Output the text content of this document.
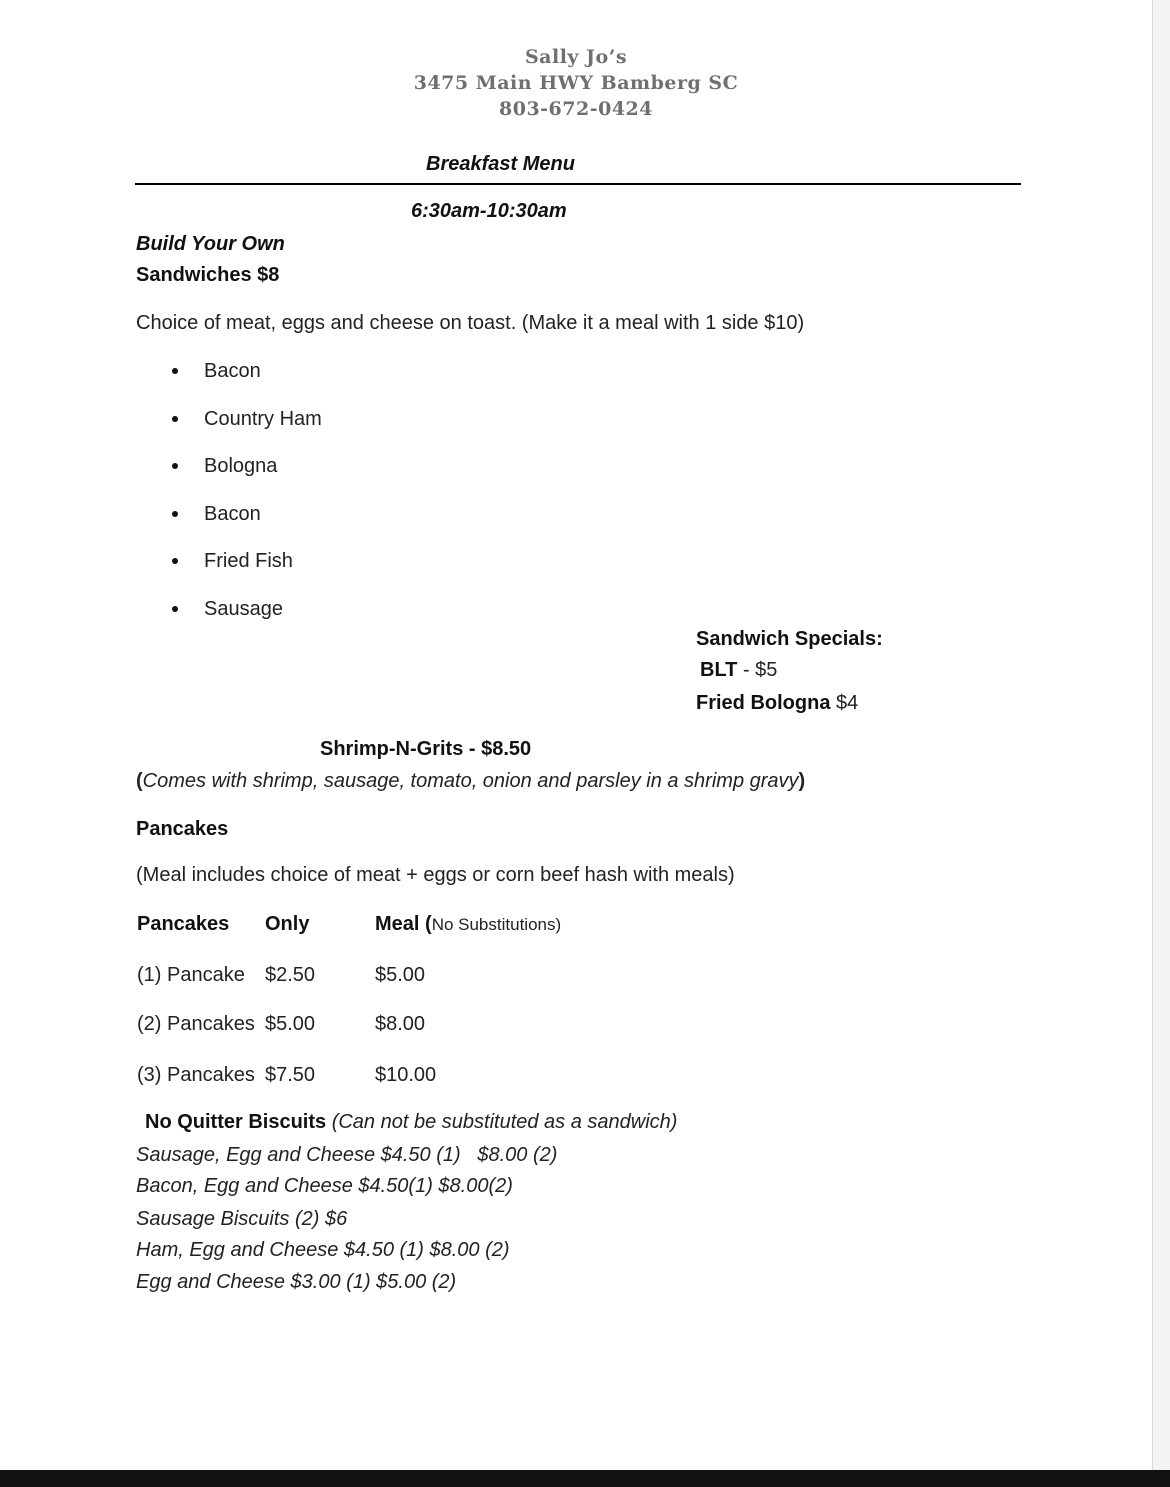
Sally Jo’s
3475 Main HWY Bamberg SC
803-672-0424
Breakfast Menu
6:30am-10:30am
Build Your Own
Sandwiches $8
Choice of meat, eggs and cheese on toast. (Make it a meal with 1 side $10)
Bacon
Country Ham
Bologna
Bacon
Fried Fish
Sausage
Sandwich Specials:
BLT - $5
Fried Bologna $4
Shrimp-N-Grits - $8.50
(Comes with shrimp, sausage, tomato, onion and parsley in a shrimp gravy)
Pancakes
(Meal includes choice of meat + eggs or corn beef hash with meals)
Pancakes Only	Meal (No Substitutions)
(1) Pancake $2.50	$5.00
(2) Pancakes $5.00	$8.00
(3) Pancakes $7.50	$10.00
No Quitter Biscuits (Can not be substituted as a sandwich)
Sausage, Egg and Cheese $4.50 (1)   $8.00 (2)
Bacon, Egg and Cheese $4.50(1) $8.00(2)
Sausage Biscuits (2) $6
Ham, Egg and Cheese $4.50 (1) $8.00 (2)
Egg and Cheese $3.00 (1) $5.00 (2)
